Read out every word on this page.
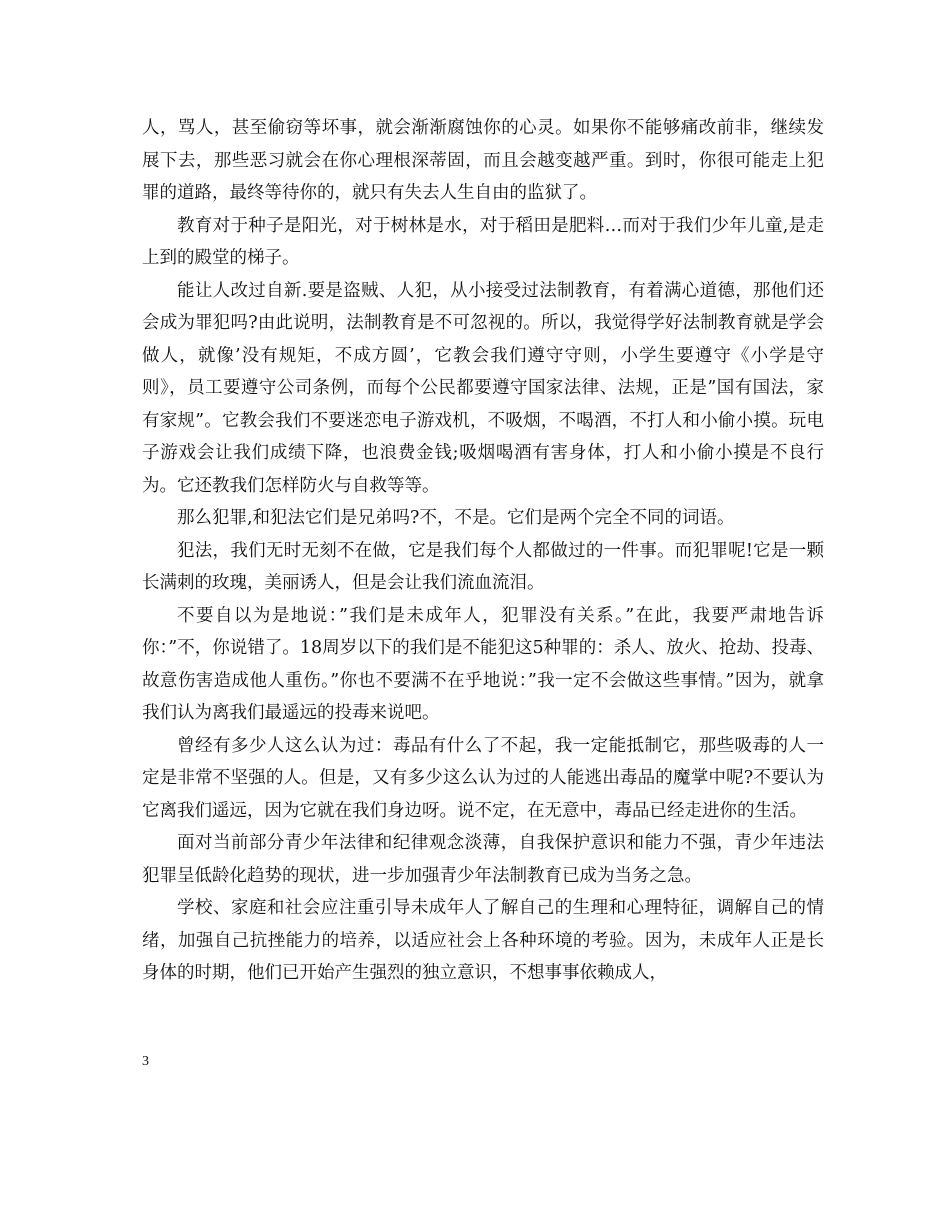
人，骂人，甚至偷窃等坏事，就会渐渐腐蚀你的心灵。如果你不能够痛改前非，继续发展下去，那些恶习就会在你心理根深蒂固，而且会越变越严重。到时，你很可能走上犯罪的道路，最终等待你的，就只有失去人生自由的监狱了。

教育对于种子是阳光，对于树林是水，对于稻田是肥料…而对于我们少年儿童,是走上到的殿堂的梯子。

能让人改过自新.要是盗贼、人犯，从小接受过法制教育，有着满心道德，那他们还会成为罪犯吗?由此说明，法制教育是不可忽视的。所以，我觉得学好法制教育就是学会做人，就像’没有规矩，不成方圆’，它教会我们遵守守则，小学生要遵守《小学是守则》，员工要遵守公司条例，而每个公民都要遵守国家法律、法规，正是”国有国法，家有家规”。它教会我们不要迷恋电子游戏机，不吸烟，不喝酒，不打人和小偷小摸。玩电子游戏会让我们成绩下降，也浪费金钱;吸烟喝酒有害身体，打人和小偷小摸是不良行为。它还教我们怎样防火与自救等等。

那么犯罪,和犯法它们是兄弟吗?不，不是。它们是两个完全不同的词语。

犯法，我们无时无刻不在做，它是我们每个人都做过的一件事。而犯罪呢!它是一颗长满刺的玫瑰，美丽诱人，但是会让我们流血流泪。

不要自以为是地说：”我们是未成年人，犯罪没有关系。”在此，我要严肃地告诉你：”不，你说错了。18周岁以下的我们是不能犯这5种罪的：杀人、放火、抢劫、投毒、故意伤害造成他人重伤。”你也不要满不在乎地说：”我一定不会做这些事情。”因为，就拿我们认为离我们最遥远的投毒来说吧。

曾经有多少人这么认为过：毒品有什么了不起，我一定能抵制它，那些吸毒的人一定是非常不坚强的人。但是，又有多少这么认为过的人能逃出毒品的魔掌中呢?不要认为它离我们遥远，因为它就在我们身边呀。说不定，在无意中，毒品已经走进你的生活。

面对当前部分青少年法律和纪律观念淡薄，自我保护意识和能力不强，青少年违法犯罪呈低龄化趋势的现状，进一步加强青少年法制教育已成为当务之急。

学校、家庭和社会应注重引导未成年人了解自己的生理和心理特征，调解自己的情绪，加强自己抗挫能力的培养，以适应社会上各种环境的考验。因为，未成年人正是长身体的时期，他们已开始产生强烈的独立意识，不想事事依赖成人，

3
